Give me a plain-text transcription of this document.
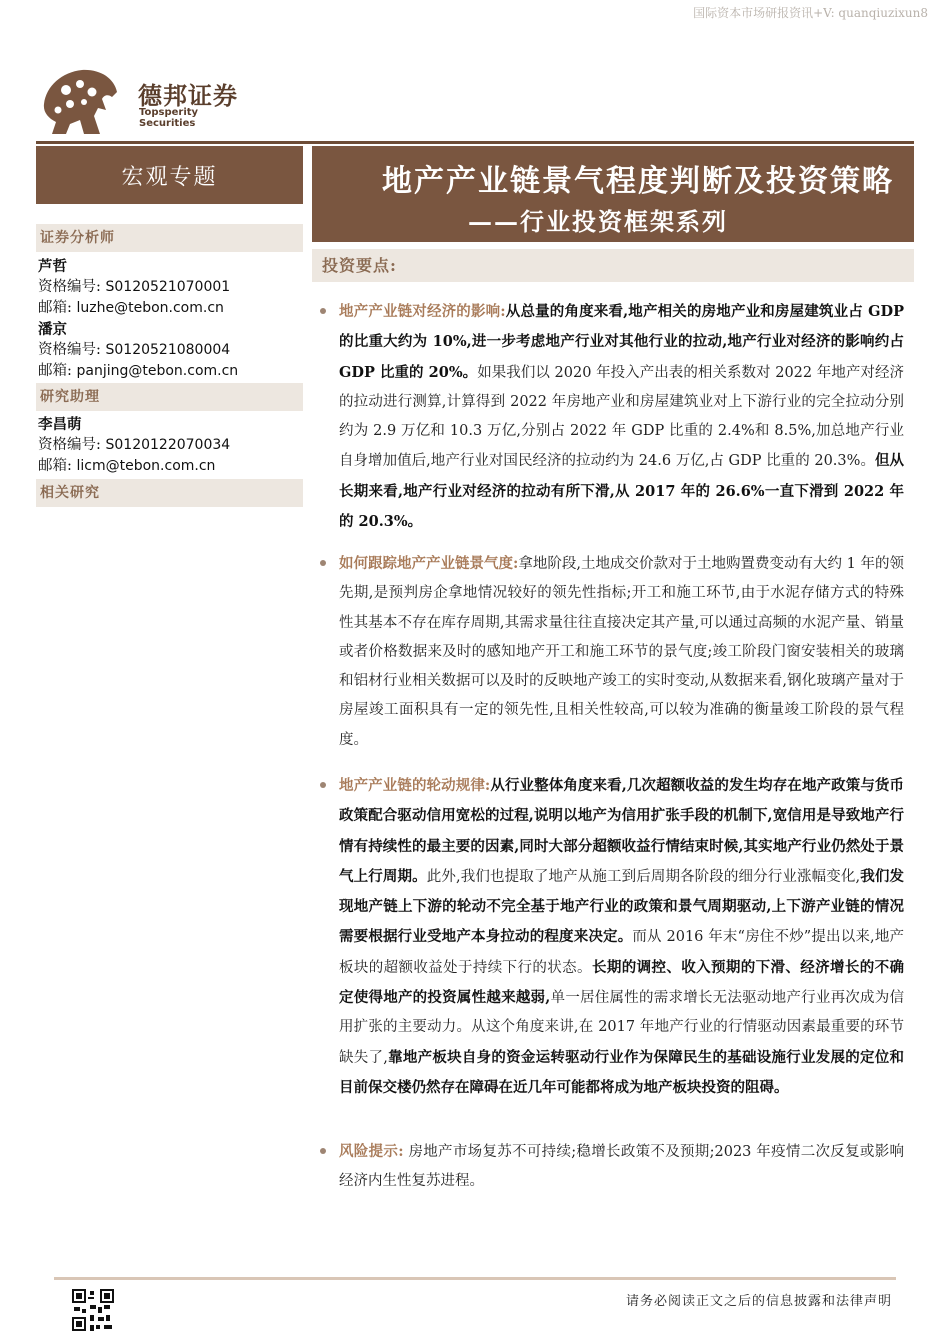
国际资本市场研报资讯+V: quanqiuzixun8
德邦证券
Topsperity Securities
宏观专题
证券分析师
芦哲
资格编号: S0120521070001
邮箱: luzhe@tebon.com.cn
潘京
资格编号: S0120521080004
邮箱: panjing@tebon.com.cn
研究助理
李昌萌
资格编号: S0120122070034
邮箱: licm@tebon.com.cn
相关研究
地产产业链景气程度判断及投资策略
——行业投资框架系列
投资要点:
地产产业链对经济的影响:从总量的角度来看,地产相关的房地产业和房屋建筑业占 GDP 的比重大约为 10%,进一步考虑地产行业对其他行业的拉动,地产行业对经济的影响约占 GDP 比重的 20%。如果我们以 2020 年投入产出表的相关系数对 2022 年地产对经济的拉动进行测算,计算得到 2022 年房地产业和房屋建筑业对上下游行业的完全拉动分别约为 2.9 万亿和 10.3 万亿,分别占 2022 年 GDP 比重的 2.4%和 8.5%,加总地产行业自身增加值后,地产行业对国民经济的拉动约为 24.6 万亿,占 GDP 比重的 20.3%。但从长期来看,地产行业对经济的拉动有所下滑,从 2017 年的 26.6%一直下滑到 2022 年的 20.3%。
如何跟踪地产产业链景气度:拿地阶段,土地成交价款对于土地购置费变动有大约 1 年的领先期,是预判房企拿地情况较好的领先性指标;开工和施工环节,由于水泥存储方式的特殊性其基本不存在库存周期,其需求量往往直接决定其产量,可以通过高频的水泥产量、销量或者价格数据来及时的感知地产开工和施工环节的景气度;竣工阶段门窗安装相关的玻璃和铝材行业相关数据可以及时的反映地产竣工的实时变动,从数据来看,钢化玻璃产量对于房屋竣工面积具有一定的领先性,且相关性较高,可以较为准确的衡量竣工阶段的景气程度。
地产产业链的轮动规律:从行业整体角度来看,几次超额收益的发生均存在地产政策与货币政策配合驱动信用宽松的过程,说明以地产为信用扩张手段的机制下,宽信用是导致地产行情有持续性的最主要的因素,同时大部分超额收益行情结束时候,其实地产行业仍然处于景气上行周期。此外,我们也提取了地产从施工到后周期各阶段的细分行业涨幅变化,我们发现地产链上下游的轮动不完全基于地产行业的政策和景气周期驱动,上下游产业链的情况需要根据行业受地产本身拉动的程度来决定。而从 2016 年末“房住不炒”提出以来,地产板块的超额收益处于持续下行的状态。长期的调控、收入预期的下滑、经济增长的不确定使得地产的投资属性越来越弱,单一居住属性的需求增长无法驱动地产行业再次成为信用扩张的主要动力。从这个角度来讲,在 2017 年地产行业的行情驱动因素最重要的环节缺失了,靠地产板块自身的资金运转驱动行业作为保障民生的基础设施行业发展的定位和目前保交楼仍然存在障碍在近几年可能都将成为地产板块投资的阻碍。
风险提示: 房地产市场复苏不可持续;稳增长政策不及预期;2023 年疫情二次反复或影响经济内生性复苏进程。
请务必阅读正文之后的信息披露和法律声明
